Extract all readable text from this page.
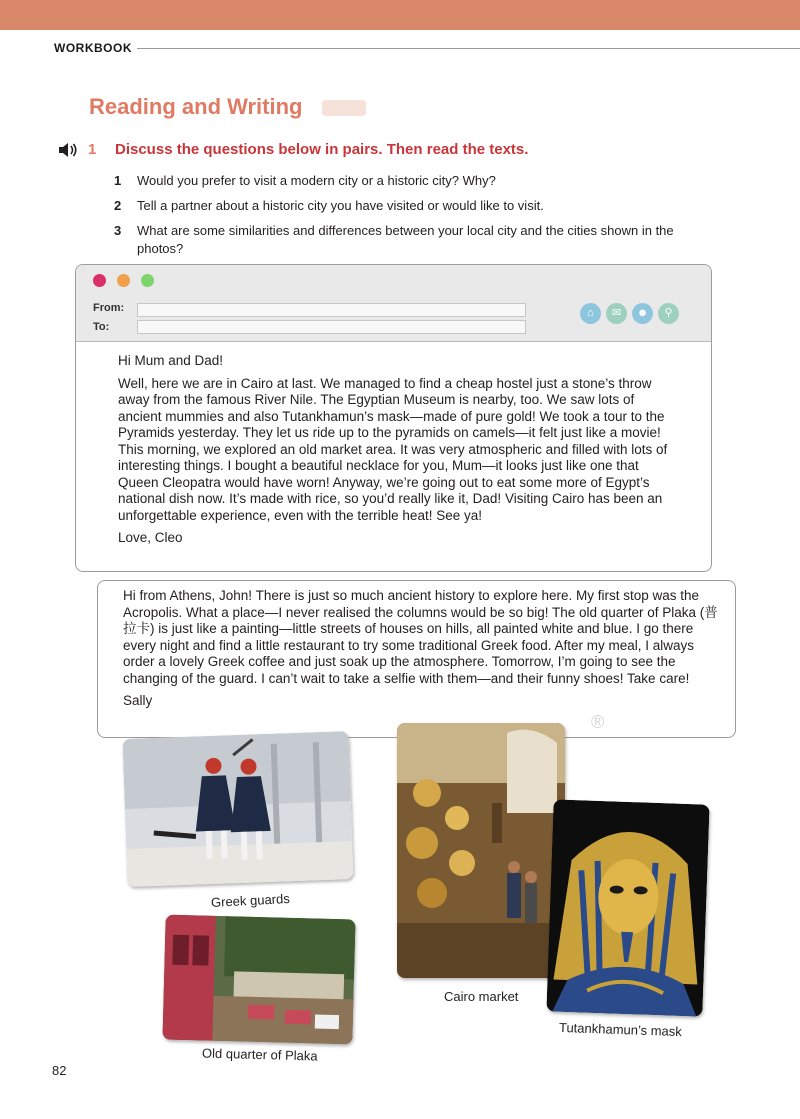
WORKBOOK
Reading and Writing
1 Discuss the questions below in pairs. Then read the texts.
1 Would you prefer to visit a modern city or a historic city? Why?
2 Tell a partner about a historic city you have visited or would like to visit.
3 What are some similarities and differences between your local city and the cities shown in the photos?
From:
To:
⌂	✉	☻	⚲

Hi Mum and Dad!

Well, here we are in Cairo at last. We managed to find a cheap hostel just a stone’s throw away from the famous River Nile. The Egyptian Museum is nearby, too. We saw lots of ancient mummies and also Tutankhamun’s mask—made of pure gold! We took a tour to the Pyramids yesterday. They let us ride up to the pyramids on camels—it felt just like a movie! This morning, we explored an old market area. It was very atmospheric and filled with lots of interesting things. I bought a beautiful necklace for you, Mum—it looks just like one that Queen Cleopatra would have worn! Anyway, we’re going out to eat some more of Egypt’s national dish now. It’s made with rice, so you’d really like it, Dad! Visiting Cairo has been an unforgettable experience, even with the terrible heat! See ya!

Love, Cleo

Hi from Athens, John! There is just so much ancient history to explore here. My first stop was the Acropolis. What a place—I never realised the columns would be so big! The old quarter of Plaka (普拉卡) is just like a painting—little streets of houses on hills, all painted white and blue. I go there every night and find a little restaurant to try some traditional Greek food. After my meal, I always order a lovely Greek coffee and just soak up the atmosphere. Tomorrow, I’m going to see the changing of the guard. I can’t wait to take a selfie with them—and their funny shoes! Take care!

Sally

®
Greek guards
Old quarter of Plaka
Cairo market
Tutankhamun’s mask
82
